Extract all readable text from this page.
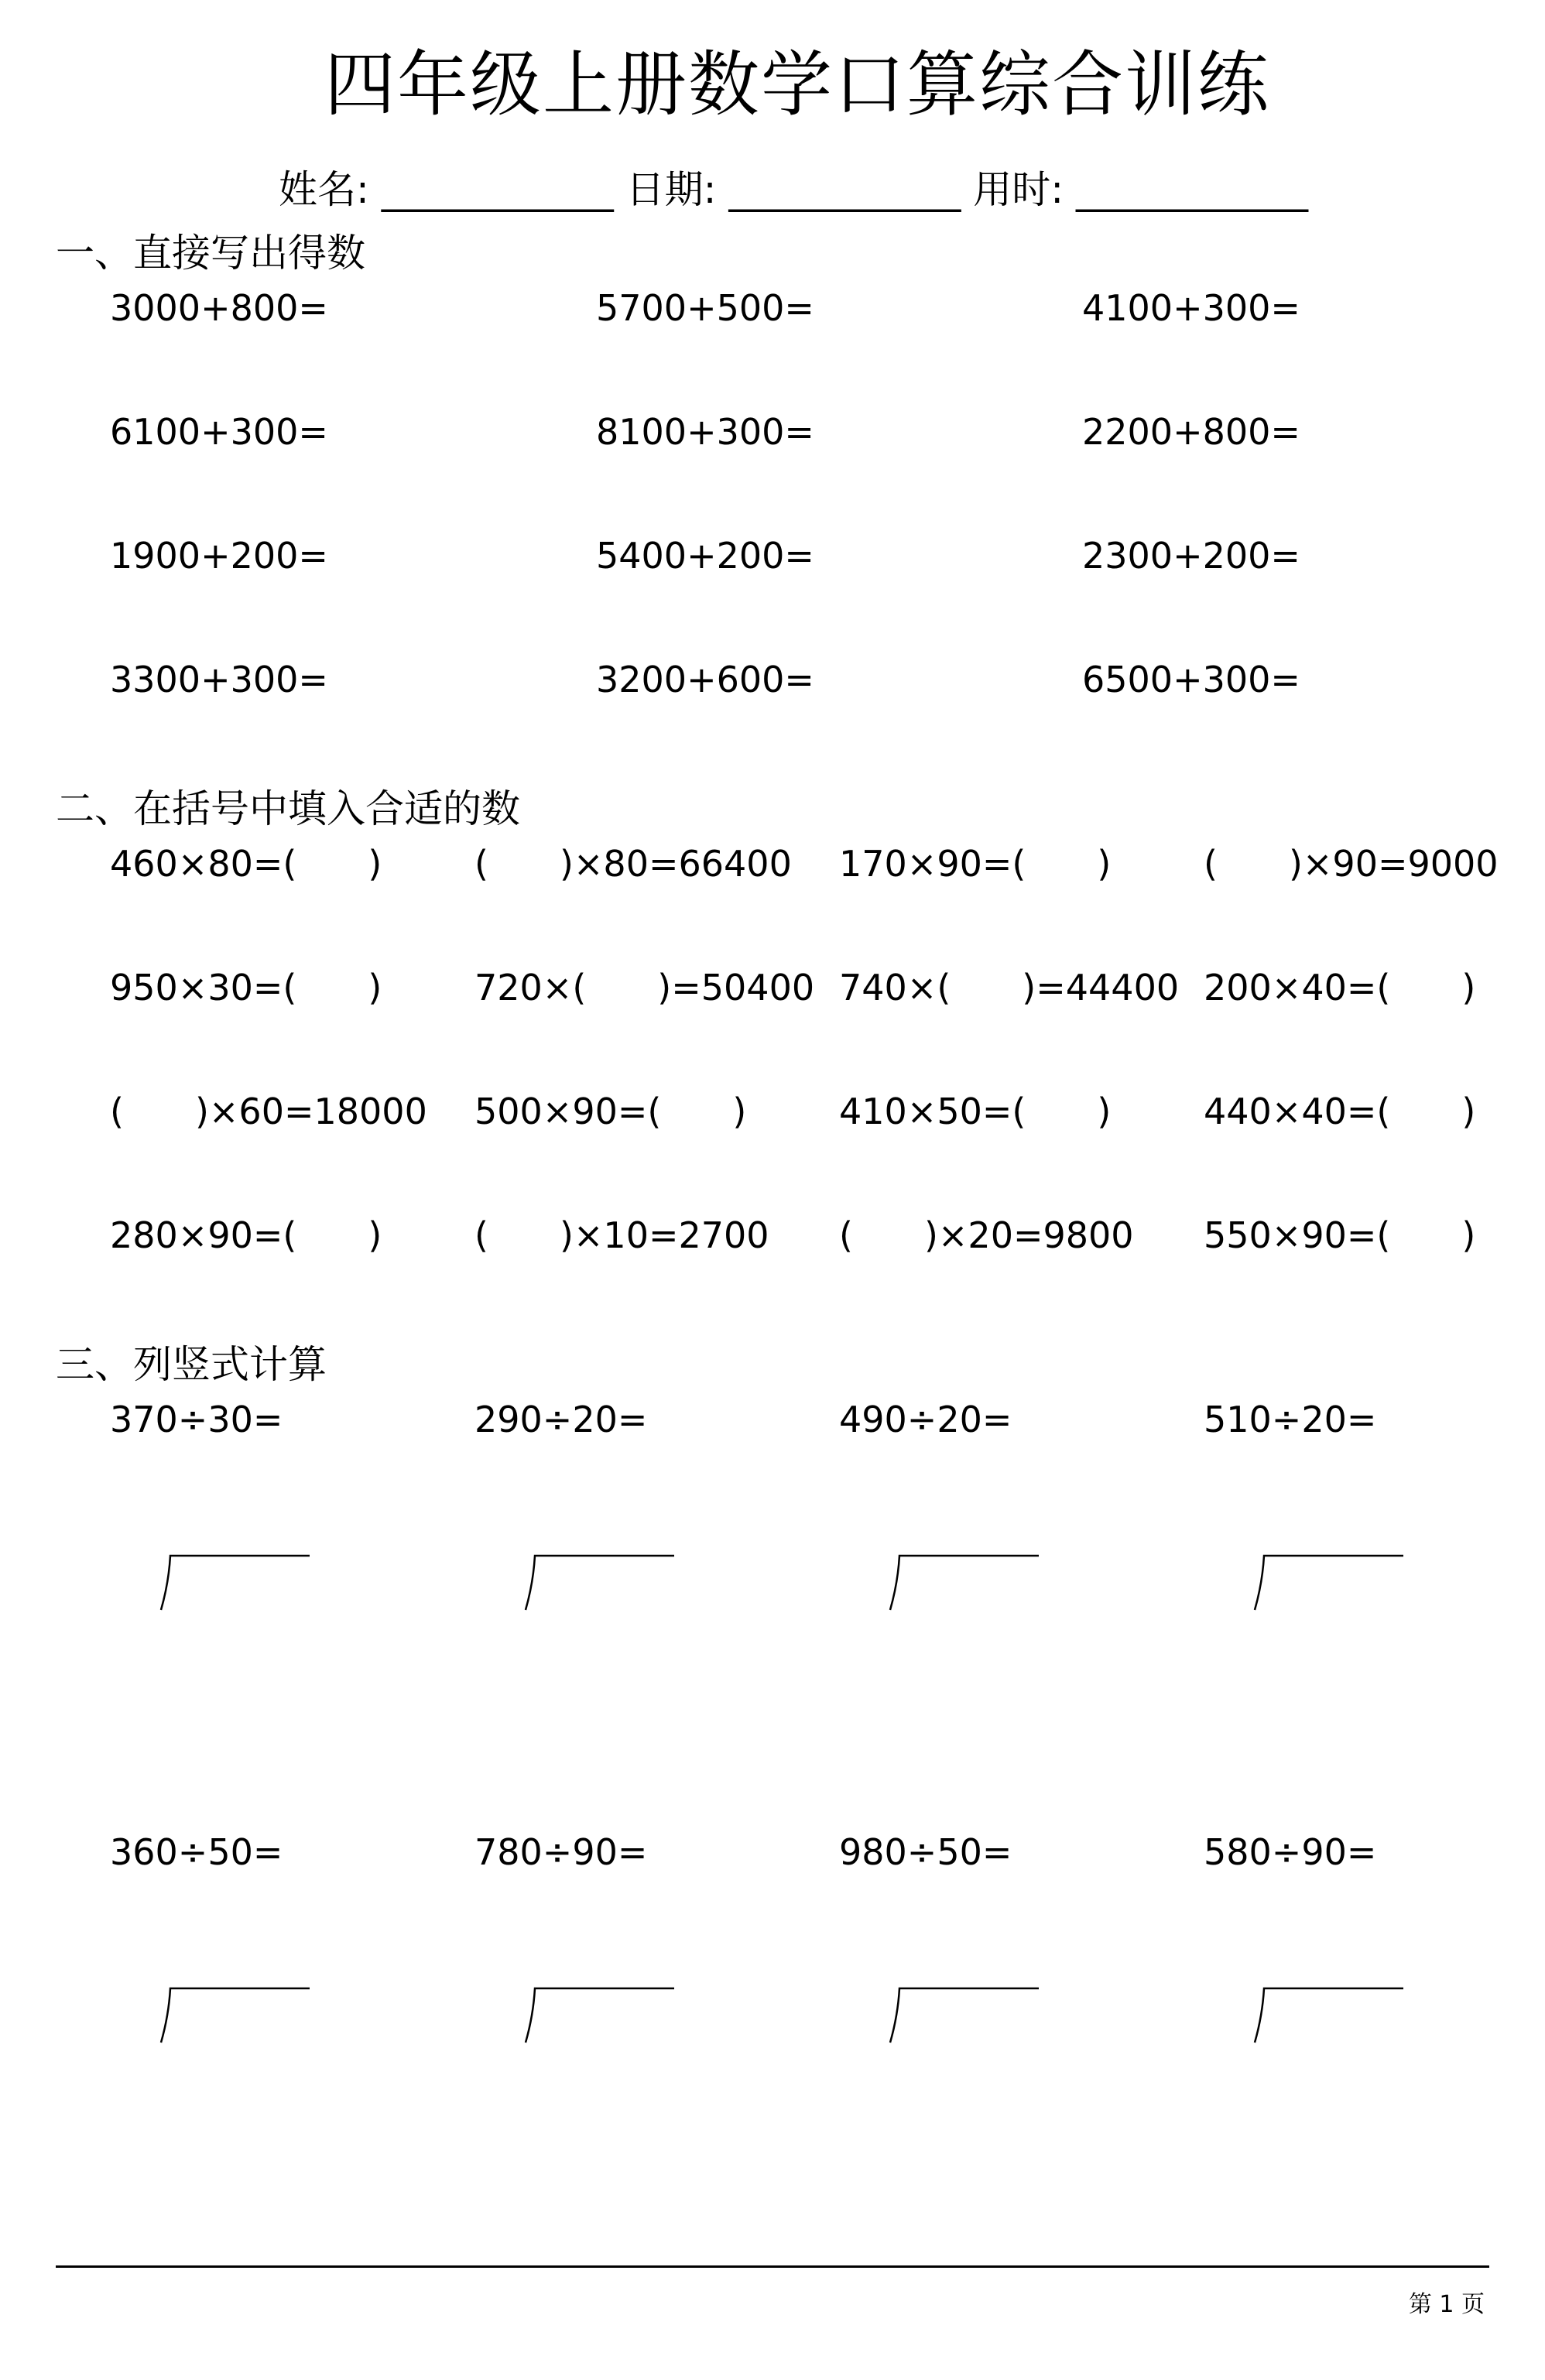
四年级上册数学口算综合训练
姓名: ____________ 日期: ____________ 用时: ____________
一、直接写出得数
3000+800=	5700+500=	4100+300=
6100+300=	8100+300=	2200+800=
1900+200=	5400+200=	2300+200=
3300+300=	3200+600=	6500+300=
二、在括号中填入合适的数
460×80=(　　)	(　　)×80=66400 170×90=(　　)	(　　)×90=9000
950×30=(　　)	720×(　　)=50400 740×(　　)=44400 200×40=(　　)
(　　)×60=18000 500×90=(　　)	410×50=(　　)	440×40=(　　)
280×90=(　　)	(　　)×10=2700 (　　)×20=9800 550×90=(　　)
三、列竖式计算
370÷30=	290÷20=	490÷20=	510÷20=
360÷50=	780÷90=	980÷50=	580÷90=
第 1 页
